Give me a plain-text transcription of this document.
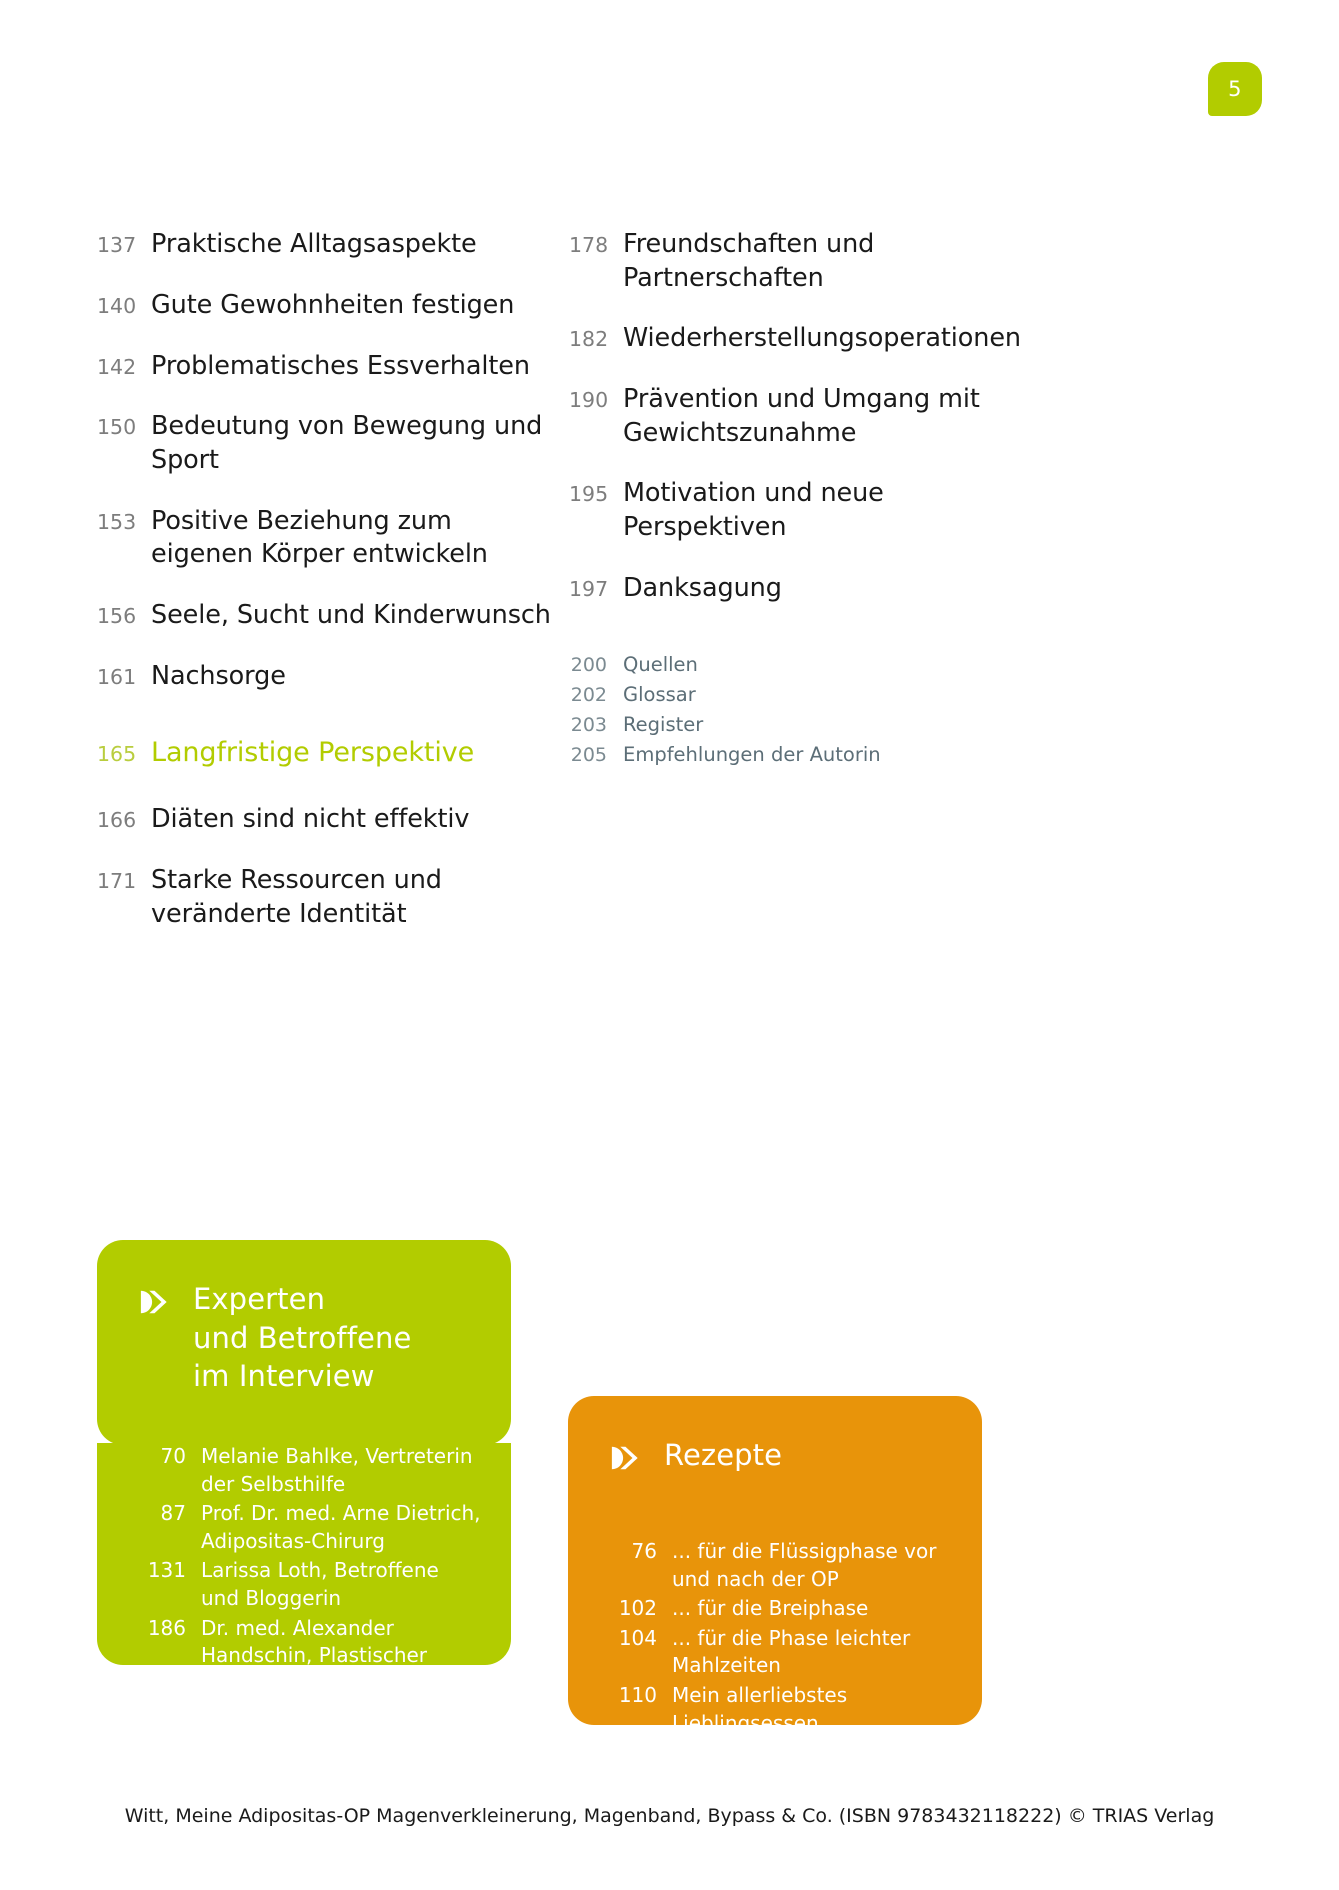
5
137 Praktische Alltagsaspekte
140 Gute Gewohnheiten festigen
142 Problematisches Essverhalten
150 Bedeutung von Bewegung und Sport
153 Positive Beziehung zum eigenen Körper entwickeln
156 Seele, Sucht und Kinderwunsch
161 Nachsorge
165 Langfristige Perspektive
166 Diäten sind nicht effektiv
171 Starke Ressourcen und veränderte Identität
178 Freundschaften und Partnerschaften
182 Wiederherstellungsoperationen
190 Prävention und Umgang mit Gewichtszunahme
195 Motivation und neue Perspektiven
197 Danksagung
200 Quellen
202 Glossar
203 Register
205 Empfehlungen der Autorin
Experten
und Betroffene
im Interview
70 Melanie Bahlke, Vertreterin der Selbsthilfe
87 Prof. Dr. med. Arne Dietrich, Adipositas-Chirurg
131 Larissa Loth, Betroffene und Bloggerin
186 Dr. med. Alexander Handschin, Plastischer Chirurg
Rezepte
76 ... für die Flüssigphase vor und nach der OP
102 ... für die Breiphase
104 ... für die Phase leichter Mahlzeiten
110 Mein allerliebstes Lieblingsessen
Witt, Meine Adipositas-OP Magenverkleinerung, Magenband, Bypass & Co. (ISBN 9783432118222) © TRIAS Verlag
